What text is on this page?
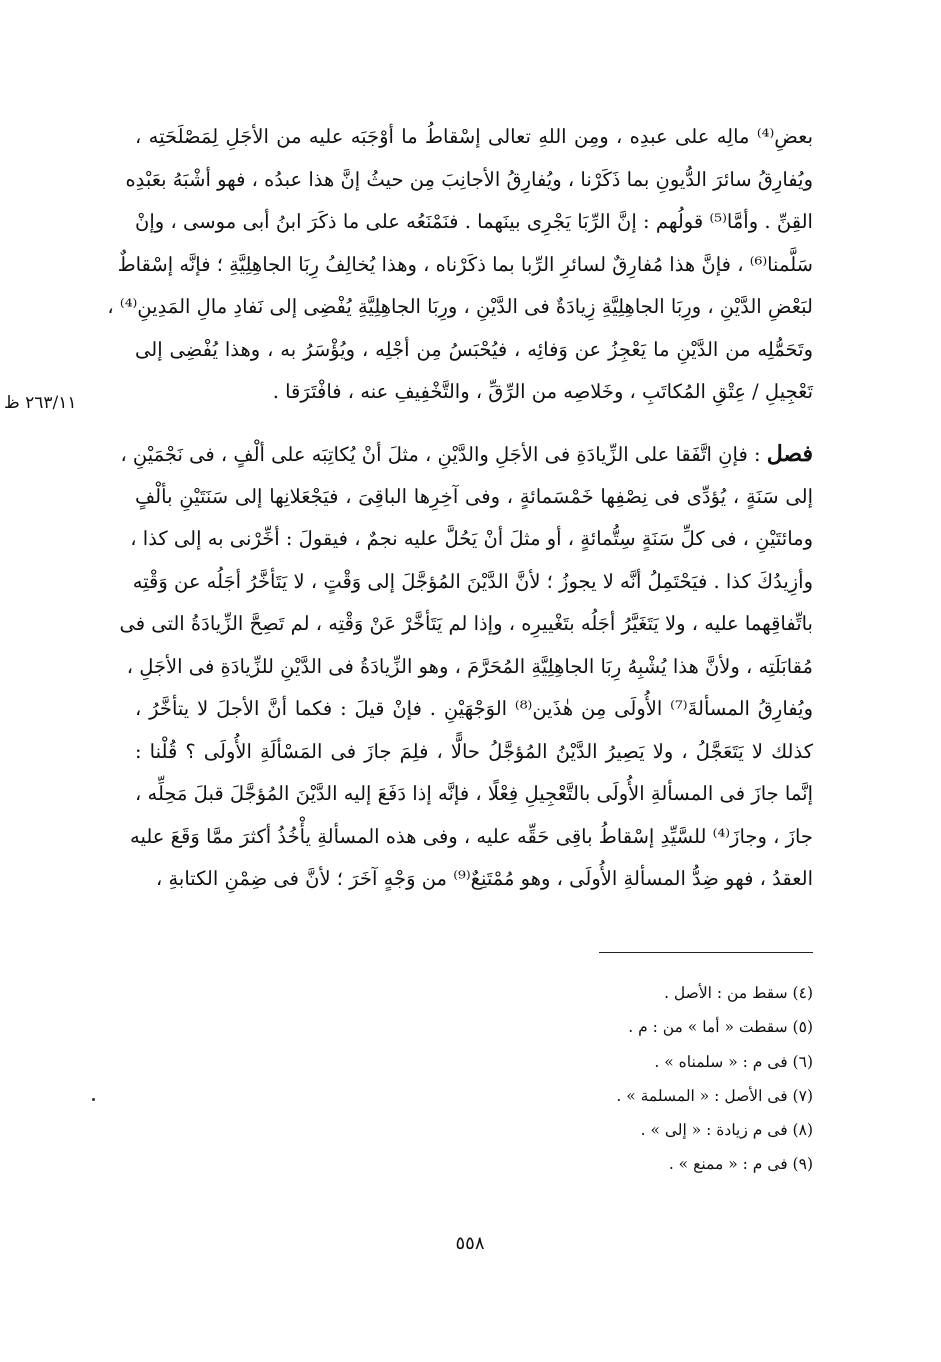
بعضِ⁽⁴⁾ مالِه على عبدِه ، ومِن اللهِ تعالى إسْقاطُ ما أوْجَبَه عليه من الأجَلِ لِمَصْلَحَتِه ،
ويُفارِقُ سائرَ الدُّيونِ بما ذَكَرْنا ، ويُفارِقُ الأجانِبَ مِن حيثُ إنَّ هذا عبدُه ، فهو أشْبَهُ بعَبْدِه
القِنِّ . وأمَّا⁽⁵⁾ قولُهم : إنَّ الرِّبَا يَجْرِى بينَهما . فنَمْنَعُه على ما ذكَرَ ابنُ أبى موسى ، وإنْ
سَلَّمنا⁽⁶⁾ ، فإنَّ هذا مُفارِقٌ لسائرِ الرِّبا بما ذكَرْناه ، وهذا يُخالِفُ رِبَا الجاهِلِيَّةِ ؛ فإنَّه إسْقاطٌ
لبَعْضِ الدَّيْنِ ، ورِبَا الجاهِلِيَّةِ زِيادَةٌ فى الدَّيْنِ ، ورِبَا الجاهِلِيَّةِ يُفْضِى إلى نَفادِ مالِ المَدِينِ⁽⁴⁾ ،
وتَحَمُّلِه من الدَّيْنِ ما يَعْجِزُ عن وَفائِه ، فيُحْبَسُ مِن أجْلِه ، ويُؤْسَرُ به ، وهذا يُفْضِى إلى
تَعْجِيلِ / عِتْقِ المُكاتَبِ ، وخَلاصِه من الرِّقِّ ، والتَّخْفِيفِ عنه ، فافْتَرَقا .
٢٦٣/١١ ظ
فصل : فإنِ اتَّفَقا على الزِّيادَةِ فى الأجَلِ والدَّيْنِ ، مثلَ أنْ يُكاتِبَه على ألْفٍ ، فى نَجْمَيْنِ ،
إلى سَنَةٍ ، يُؤدِّى فى نِصْفِها خَمْسَمائةٍ ، وفى آخِرِها الباقِىَ ، فيَجْعَلانِها إلى سَنَتَيْنِ بألْفٍ
ومائتَيْنِ ، فى كلِّ سَنَةٍ سِتُّمائةٍ ، أو مثلَ أنْ يَحُلَّ عليه نجمٌ ، فيقولَ : أخِّرْنى به إلى كذا ،
وأزِيدُكَ كذا . فيَحْتَمِلُ أنَّه لا يجوزُ ؛ لأنَّ الدَّيْنَ المُؤجَّلَ إلى وَقْتٍ ، لا يَتَأخَّرُ أجَلُه عن وَقْتِه
باتِّفاقِهما عليه ، ولا يَتَغَيَّرُ أجَلُه بتَغْييرِه ، وإذا لم يَتَأخَّرْ عَنْ وَقْتِه ، لم تَصِحَّ الزِّيادَةُ التى فى
مُقابَلَتِه ، ولأنَّ هذا يُشْبِهُ رِبَا الجاهِلِيَّةِ المُحَرَّمَ ، وهو الزِّيادَةُ فى الدَّيْنِ للزِّيادَةِ فى الأجَلِ ،
ويُفارِقُ المسألةَ⁽⁷⁾ الأُولَى مِن هٰذَين⁽⁸⁾ الوَجْهَيْنِ . فإنْ قيلَ : فكما أنَّ الأجلَ لا يتأخَّرُ ،
كذلك لا يَتَعَجَّلُ ، ولا يَصِيرُ الدَّيْنُ المُؤجَّلُ حالًّا ، فلِمَ جازَ فى المَسْألَةِ الأُولَى ؟ قُلْنا :
إنَّما جازَ فى المسألةِ الأُولَى بالتَّعْجِيلِ فِعْلًا ، فإنَّه إذا دَفَعَ إليه الدَّيْنَ المُؤجَّلَ قبلَ مَحِلِّه ،
جازَ ، وجازَ⁽⁴⁾ للسَّيِّدِ إسْقاطُ باقِى حَقِّه عليه ، وفى هذه المسألةِ يأْخُذُ أكثرَ ممَّا وَقَعَ عليه
العقدُ ، فهو ضِدُّ المسألةِ الأُولَى ، وهو مُمْتَنِعٌ⁽⁹⁾ من وَجْهٍ آخَرَ ؛ لأنَّ فى ضِمْنِ الكتابةِ ،
(٤) سقط من : الأصل .
(٥) سقطت « أما » من : م .
(٦) فى م : « سلمناه » .
(٧) فى الأصل : « المسلمة » .
(٨) فى م زيادة : « إلى » .
(٩) فى م : « ممنع » .
٥٥٨
